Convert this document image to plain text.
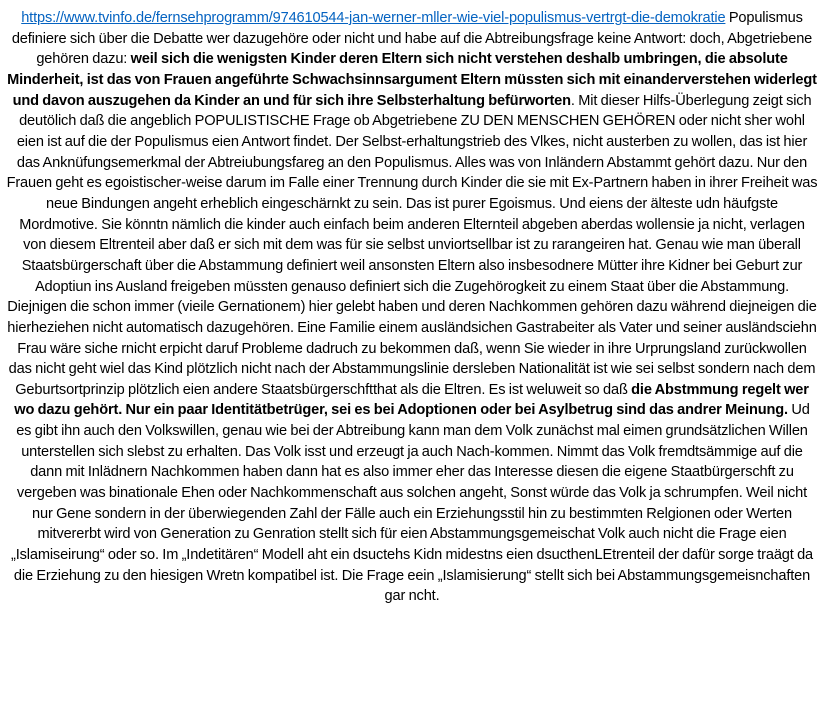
https://www.tvinfo.de/fernsehprogramm/974610544-jan-werner-mller-wie-viel-populismus-vertrgt-die-demokratie Populismus definiere sich über die Debatte wer dazugehöre oder nicht und habe auf die Abtreibungsfrage keine Antwort: doch, Abgetriebene gehören dazu: weil sich die wenigsten Kinder deren Eltern sich nicht verstehen deshalb umbringen, die absolute Minderheit, ist das von Frauen angeführte Schwachsinnsargument Eltern müssten sich mit einanderverstehen widerlegt und davon auszugehen da Kinder an und für sich ihre Selbsterhaltung befürworten. Mit dieser Hilfs-Überlegung zeigt sich deutölich daß die angeblich POPULISTISCHE Frage ob Abgetriebene ZU DEN MENSCHEN GEHÖREN oder nicht sher wohl eien ist auf die der Populismus eien Antwort findet. Der Selbst-erhaltungstrieb des Vlkes, nicht austerben zu wollen, das ist hier das Anknüfungsemerkmal der Abtreiubungsfareg an den Populismus. Alles was von Inländern Abstammt gehört dazu. Nur den Frauen geht es egoistischer-weise darum im Falle einer Trennung durch Kinder die sie mit Ex-Partnern haben in ihrer Freiheit was neue Bindungen angeht erheblich eingeschärnkt zu sein. Das ist purer Egoismus. Und eiens der älteste udn häufgste Mordmotive. Sie könntn nämlich die kinder auch einfach beim anderen Elternteil abgeben aberdas wollensie ja nicht, verlagen von diesem Eltrenteil aber daß er sich mit dem was für sie selbst unviortsellbar ist zu rarangeiren hat. Genau wie man überall Staatsbürgerschaft über die Abstammung definiert weil ansonsten Eltern also insbesodnere Mütter ihre Kidner bei Geburt zur Adoptiun ins Ausland freigeben müssten genauso definiert sich die Zugehörogkeit zu einem Staat über die Abstammung. Diejnigen die schon immer (vieile Gernationem) hier gelebt haben und deren Nachkommen gehören dazu während diejneigen die hierheziehen nicht automatisch dazugehören. Eine Familie einem ausländsichen Gastrabeiter als Vater und seiner ausländsciehn Frau wäre siche rnicht erpicht daruf Probleme dadruch zu bekommen daß, wenn Sie wieder in ihre Urprungsland zurückwollen das nicht geht wiel das Kind plötzlich nicht nach der Abstammungslinie dersleben Nationalität ist wie sei selbst sondern nach dem Geburtsortprinzip plötzlich eien andere Staatsbürgerschftthat als die Eltren. Es ist weluweit so daß die Abstmmung regelt wer wo dazu gehört. Nur ein paar Identitätbetrüger, sei es bei Adoptionen oder bei Asylbetrug sind das andrer Meinung. Ud es gibt ihn auch den Volkswillen, genau wie bei der Abtreibung kann man dem Volk zunächst mal eimen grundsätzlichen Willen unterstellen sich slebst zu erhalten. Das Volk isst und erzeugt ja auch Nach-kommen. Nimmt das Volk fremdtsämmige auf die dann mit Inlädnern Nachkommen haben dann hat es also immer eher das Interesse diesen die eigene Staatbürgerschft zu vergeben was binationale Ehen oder Nachkommenschaft aus solchen angeht, Sonst würde das Volk ja schrumpfen. Weil nicht nur Gene sondern in der überwiegenden Zahl der Fälle auch ein Erziehungsstil hin zu bestimmten Relgionen oder Werten mitvererbt wird von Generation zu Genration stellt sich für eien Abstammungsgemeischat Volk auch nicht die Frage eien „Islamiseirung“ oder so. Im „Indetitären“ Modell aht ein dsuctehs Kidn midestns eien dsucthenLEtrenteil der dafür sorge traägt da die Erziehung zu den hiesigen Wretn kompatibel ist. Die Frage eein „Islamisierung“ stellt sich bei Abstammungsgemeisnchaften gar ncht.
